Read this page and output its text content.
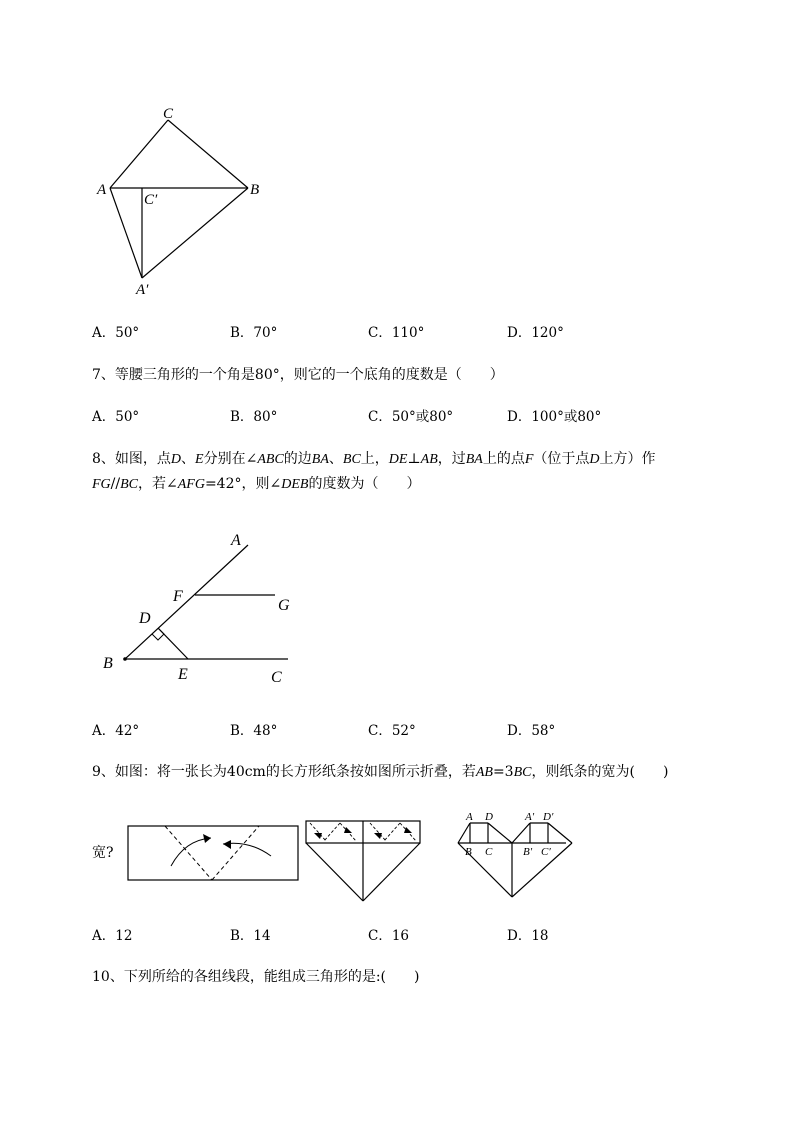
C
A	B
C′
A′
A．50°	B．70°	C．110°	D．120°
7、等腰三角形的一个角是80°，则它的一个底角的度数是（　　）
A．50°	B．80°	C．50°或80°	D．100°或80°
8、如图，点D、E分别在∠ABC的边BA、BC上，DE⊥AB，过BA上的点F（位于点D上方）作
FG//BC，若∠AFG=42°，则∠DEB的度数为（　　）
A
F
G
D
B
E	C
A．42°	B．48°	C．52°	D．58°
9、如图：将一张长为40cm的长方形纸条按如图所示折叠，若AB=3BC，则纸条的宽为(　　)
宽?
A D
B C
A′ D′
B′ C′
A．12	B．14	C．16	D．18
10、下列所给的各组线段，能组成三角形的是:(　　)
